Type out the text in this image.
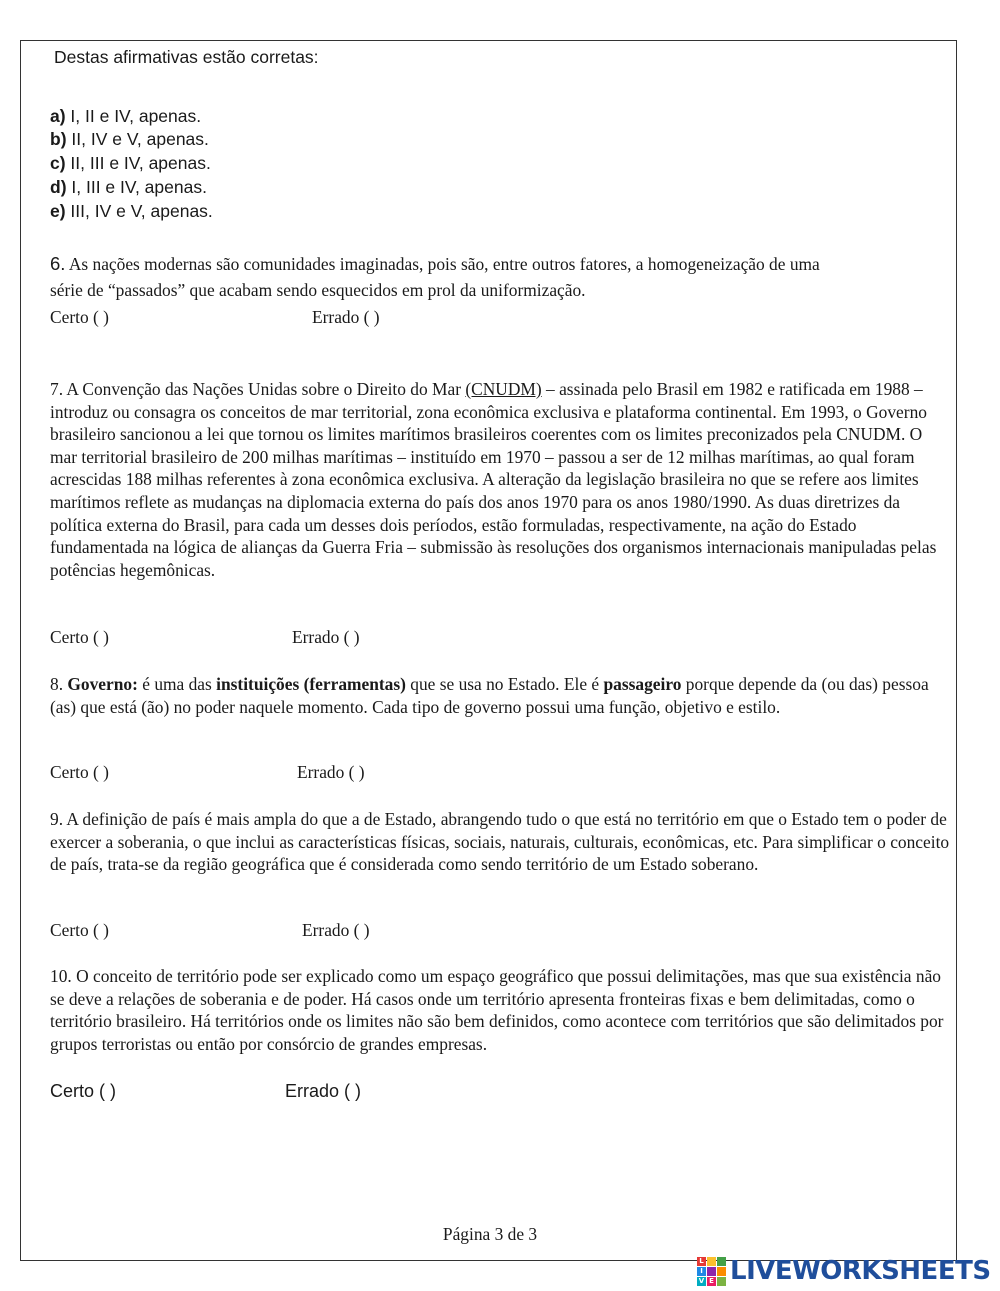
Destas afirmativas estão corretas:
a) I, II e IV, apenas.
b) II, IV e V, apenas.
c) II, III e IV, apenas.
d) I, III e IV, apenas.
e) III, IV e V, apenas.
6. As nações modernas são comunidades imaginadas, pois são, entre outros fatores, a homogeneização de uma
série de “passados” que acabam sendo esquecidos em prol da uniformização.
Certo ( )	Errado ( )
7. A Convenção das Nações Unidas sobre o Direito do Mar (CNUDM) – assinada pelo Brasil em 1982 e ratificada em 1988 – introduz ou consagra os conceitos de mar territorial, zona econômica exclusiva e plataforma continental. Em 1993, o Governo brasileiro sancionou a lei que tornou os limites marítimos brasileiros coerentes com os limites preconizados pela CNUDM. O mar territorial brasileiro de 200 milhas marítimas – instituído em 1970 – passou a ser de 12 milhas marítimas, ao qual foram acrescidas 188 milhas referentes à zona econômica exclusiva. A alteração da legislação brasileira no que se refere aos limites marítimos reflete as mudanças na diplomacia externa do país dos anos 1970 para os anos 1980/1990. As duas diretrizes da política externa do Brasil, para cada um desses dois períodos, estão formuladas, respectivamente, na ação do Estado fundamentada na lógica de alianças da Guerra Fria – submissão às resoluções dos organismos internacionais manipuladas pelas potências hegemônicas.
Certo ( )	Errado ( )
8. Governo: é uma das instituições (ferramentas) que se usa no Estado. Ele é passageiro porque depende da (ou das) pessoa (as) que está (ão) no poder naquele momento. Cada tipo de governo possui uma função, objetivo e estilo.
Certo ( )	Errado ( )
9. A definição de país é mais ampla do que a de Estado, abrangendo tudo o que está no território em que o Estado tem o poder de exercer a soberania, o que inclui as características físicas, sociais, naturais, culturais, econômicas, etc. Para simplificar o conceito de país, trata-se da região geográfica que é considerada como sendo território de um Estado soberano.
Certo ( )	Errado ( )
10. O conceito de território pode ser explicado como um espaço geográfico que possui delimitações, mas que sua existência não se deve a relações de soberania e de poder. Há casos onde um território apresenta fronteiras fixas e bem delimitadas, como o território brasileiro. Há territórios onde os limites não são bem definidos, como acontece com territórios que são delimitados por grupos terroristas ou então por consórcio de grandes empresas.
Certo ( )	Errado ( )
Página 3 de 3
L
I
V E LIVEWORKSHEETS
